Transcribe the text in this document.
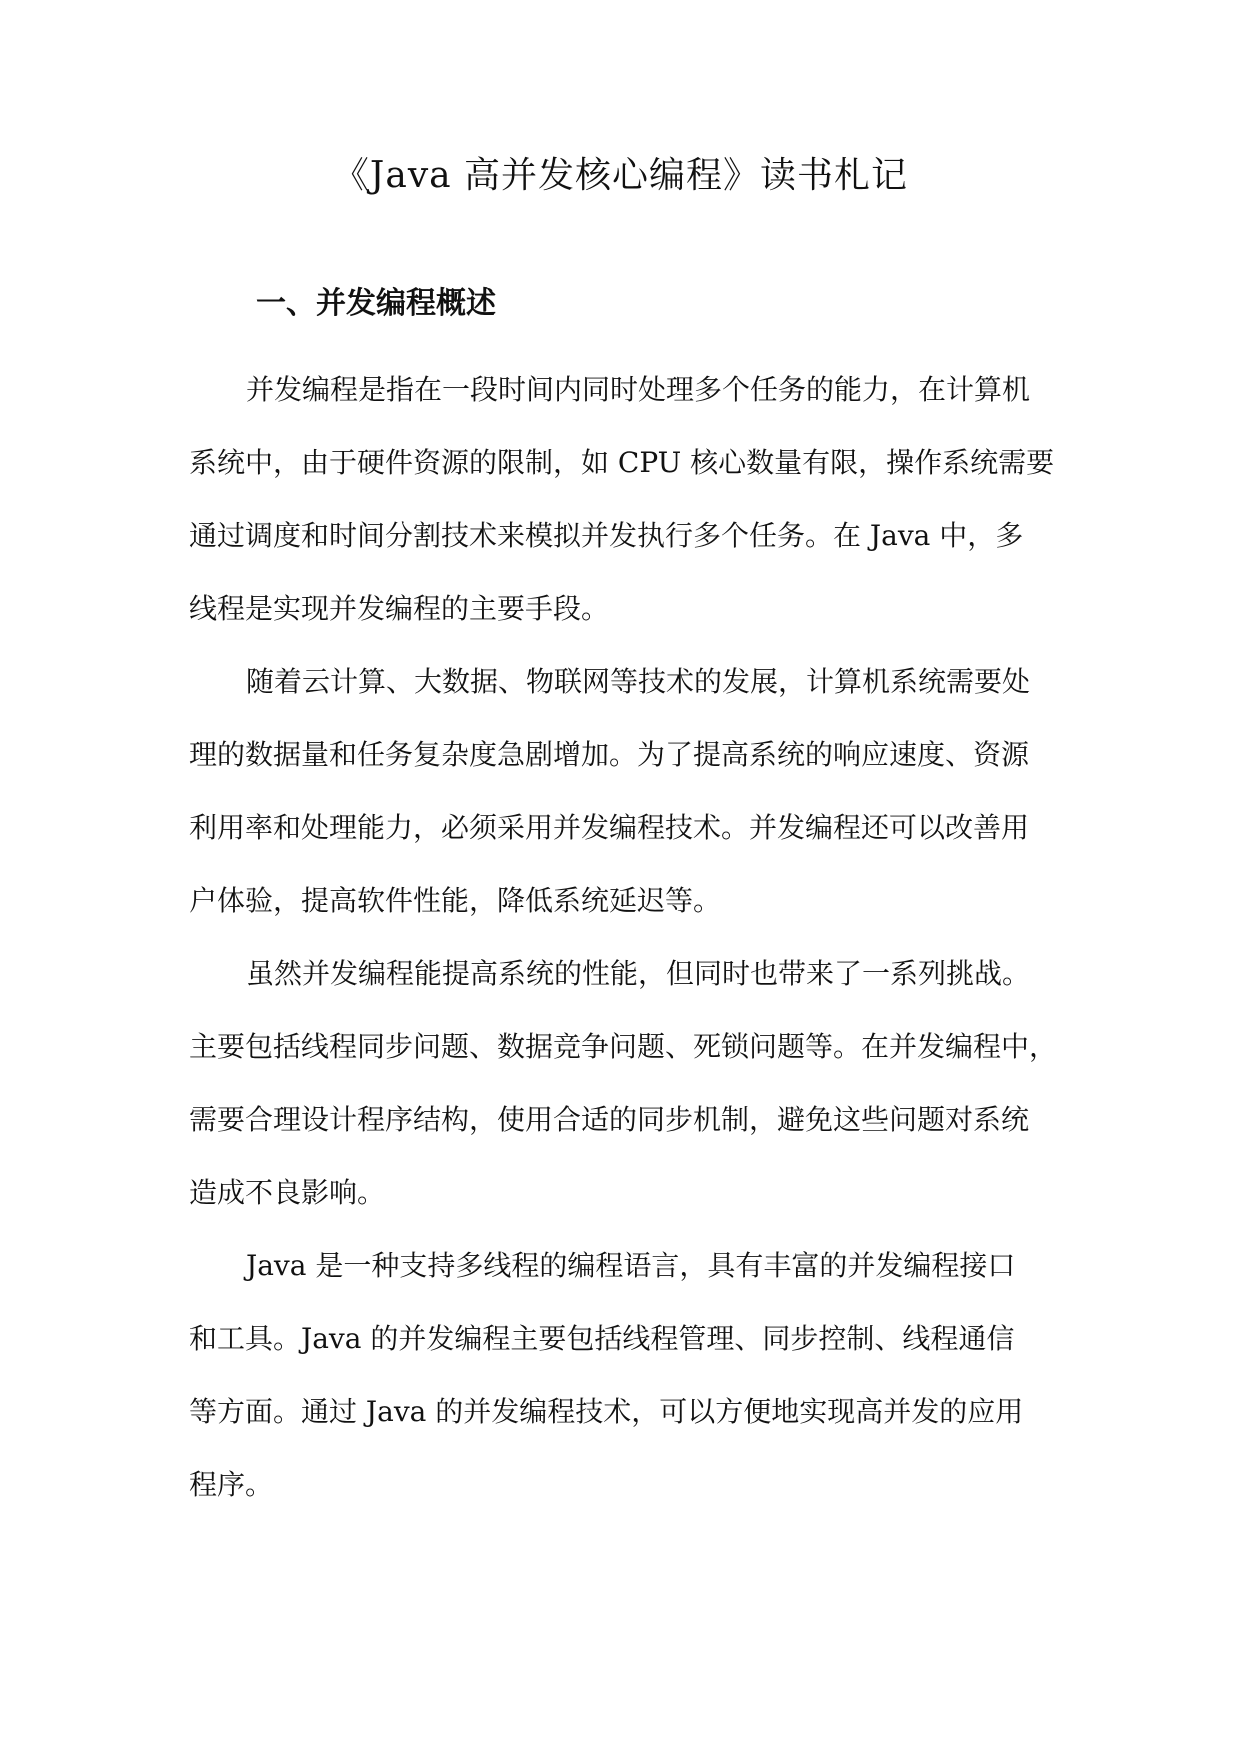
《Java 高并发核心编程》读书札记
一、并发编程概述

并发编程是指在一段时间内同时处理多个任务的能力，在计算机

系统中，由于硬件资源的限制，如 CPU 核心数量有限，操作系统需要

通过调度和时间分割技术来模拟并发执行多个任务。在 Java 中，多

线程是实现并发编程的主要手段。

随着云计算、大数据、物联网等技术的发展，计算机系统需要处

理的数据量和任务复杂度急剧增加。为了提高系统的响应速度、资源

利用率和处理能力，必须采用并发编程技术。并发编程还可以改善用

户体验，提高软件性能，降低系统延迟等。

虽然并发编程能提高系统的性能，但同时也带来了一系列挑战。

主要包括线程同步问题、数据竞争问题、死锁问题等。在并发编程中，

需要合理设计程序结构，使用合适的同步机制，避免这些问题对系统

造成不良影响。

Java 是一种支持多线程的编程语言，具有丰富的并发编程接口

和工具。Java 的并发编程主要包括线程管理、同步控制、线程通信

等方面。通过 Java 的并发编程技术，可以方便地实现高并发的应用

程序。
